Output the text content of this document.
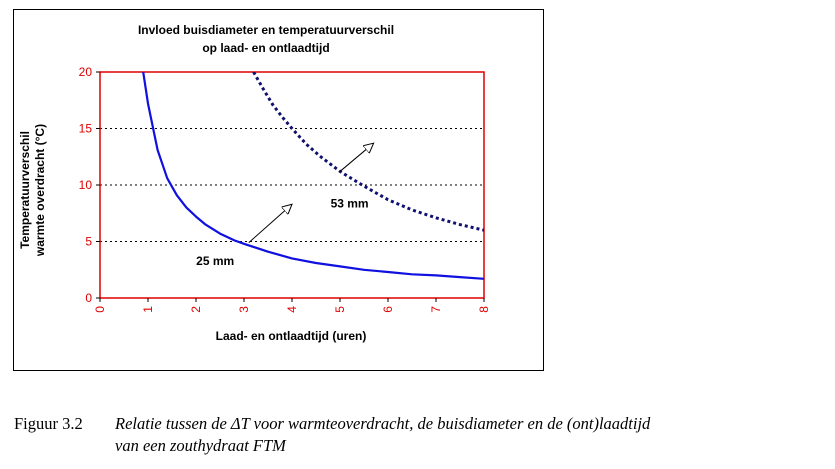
Invloed buisdiameter en temperatuurverschil
op laad- en ontlaadtijd
0
5
10
15
20
0	1	2	3	4	5	6	7	8
53 mm
25 mm
Laad- en ontlaadtijd (uren)
Temperatuurverschil warmte overdracht (°C)
Figuur 3.2 Relatie tussen de ΔT voor warmteoverdracht, de buisdiameter en de (ont)laadtijd
van een zouthydraat FTM
